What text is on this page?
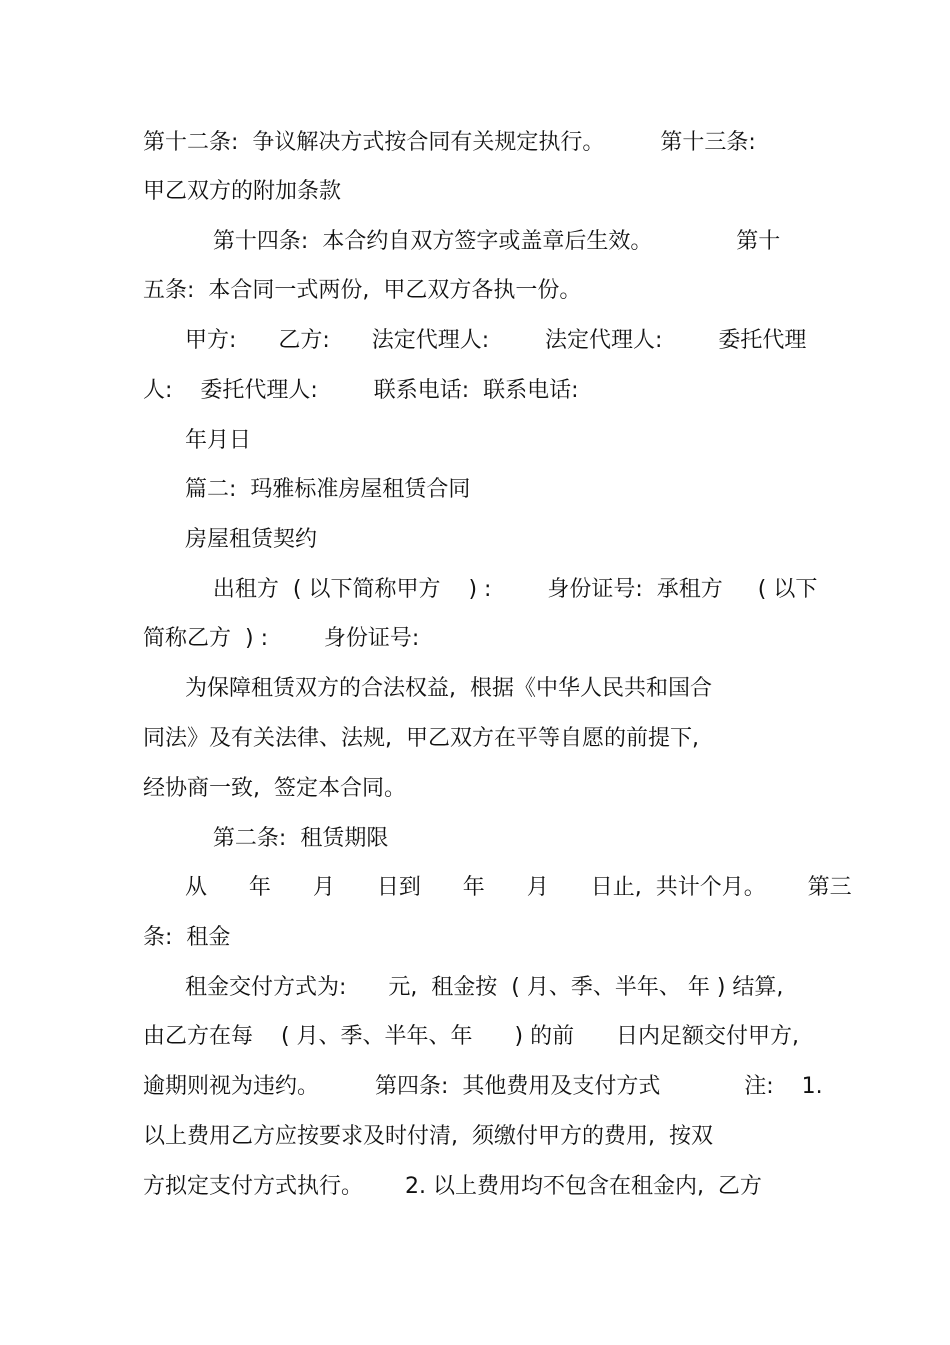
第十二条:  争议解决方式按合同有关规定执行。        第十三条:
甲乙双方的附加条款
第十四条:  本合约自双方签字或盖章后生效。            第十
五条:  本合同一式两份,  甲乙双方各执一份。
甲方:      乙方:      法定代理人:        法定代理人:        委托代理
人:    委托代理人:        联系电话:  联系电话:
年月日
篇二:  玛雅标准房屋租赁合同
房屋租赁契约
出租方  ( 以下简称甲方    ) :        身份证号:  承租方     ( 以下
简称乙方  ) :        身份证号:
为保障租赁双方的合法权益,  根据《中华人民共和国合
同法》及有关法律、法规,  甲乙双方在平等自愿的前提下,
经协商一致,  签定本合同。
第二条:  租赁期限
从      年      月      日到      年      月      日止,  共计个月。      第三
条:  租金
租金交付方式为:      元,  租金按  ( 月、季、半年、 年 ) 结算,
由乙方在每    ( 月、季、半年、年      ) 的前      日内足额交付甲方,
逾期则视为违约。        第四条:  其他费用及支付方式            注:    1.
以上费用乙方应按要求及时付清,  须缴付甲方的费用,  按双
方拟定支付方式执行。      2. 以上费用均不包含在租金内,  乙方
